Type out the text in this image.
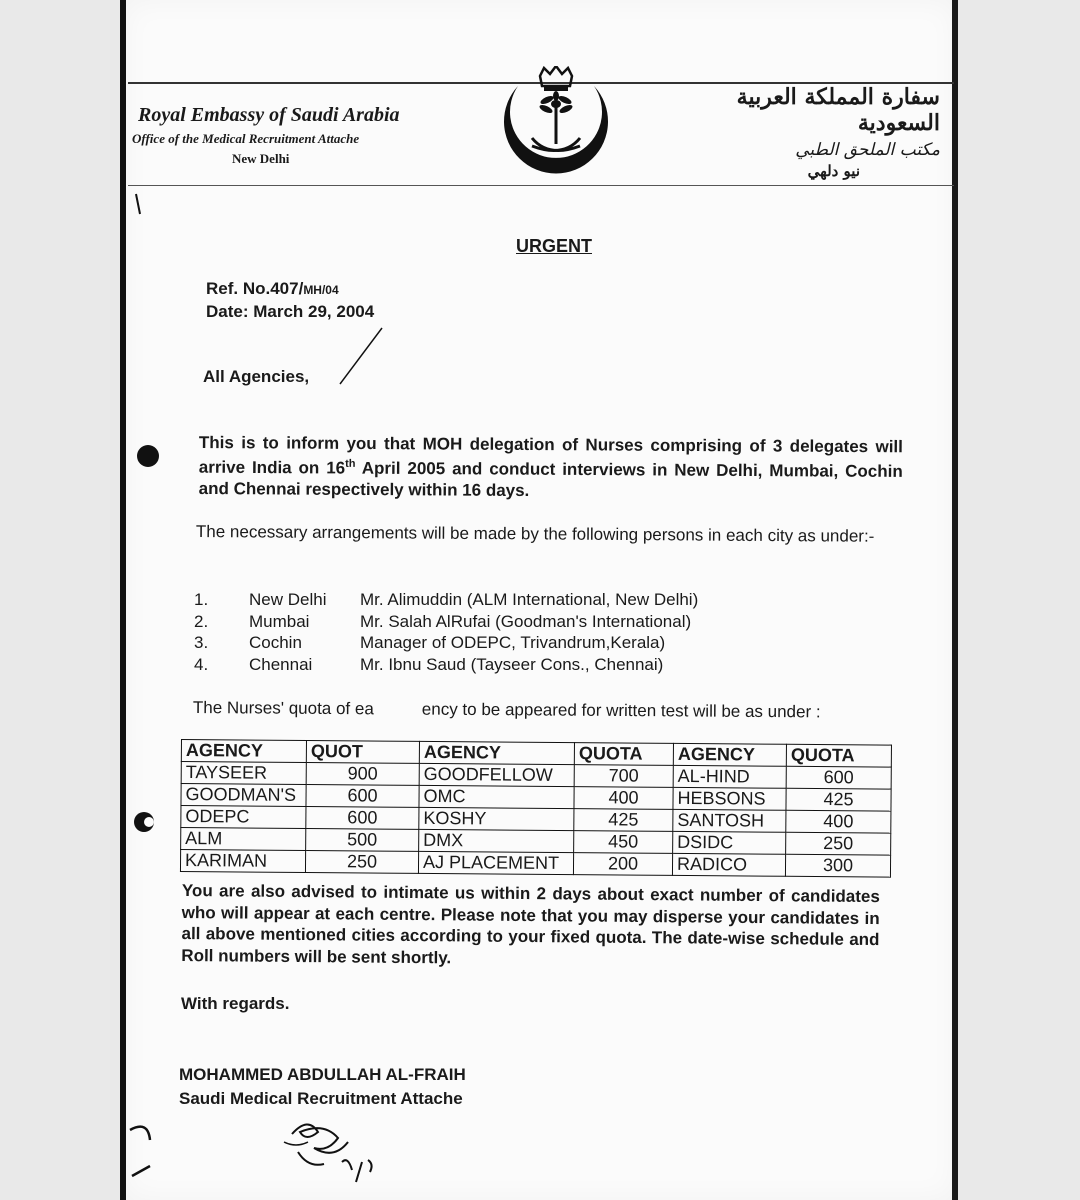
Royal Embassy of Saudi Arabia
Office of the Medical Recruitment Attache
New Delhi
سفارة المملكة العربية السعودية
مكتب الملحق الطبي
نيو دلهي
URGENT
Ref. No.407/MH/04
Date: March 29, 2004
All Agencies,
This is to inform you that MOH delegation of Nurses comprising of 3 delegates will arrive India on 16th April 2005 and conduct interviews in New Delhi, Mumbai, Cochin and Chennai respectively within 16 days.
The necessary arrangements will be made by the following persons in each city as under:-
1.	New Delhi	Mr. Alimuddin (ALM International, New Delhi)
2.	Mumbai	Mr. Salah AlRufai (Goodman's International)
3.	Cochin	Manager of ODEPC, Trivandrum,Kerala)
4.	Chennai	Mr. Ibnu Saud (Tayseer Cons., Chennai)
The Nurses' quota of ea	ency to be appeared for written test will be as under :
AGENCY	QUOT	AGENCY	QUOTA	AGENCY	QUOTA
TAYSEER	900	GOODFELLOW	700	AL-HIND	600
GOODMAN'S	600	OMC	400	HEBSONS	425
ODEPC	600	KOSHY	425	SANTOSH	400
ALM	500	DMX	450	DSIDC	250
KARIMAN	250	AJ PLACEMENT	200	RADICO	300
You are also advised to intimate us within 2 days about exact number of candidates who will appear at each centre. Please note that you may disperse your candidates in all above mentioned cities according to your fixed quota. The date-wise schedule and Roll numbers will be sent shortly.
With regards.
MOHAMMED ABDULLAH AL-FRAIH
Saudi Medical Recruitment Attache
